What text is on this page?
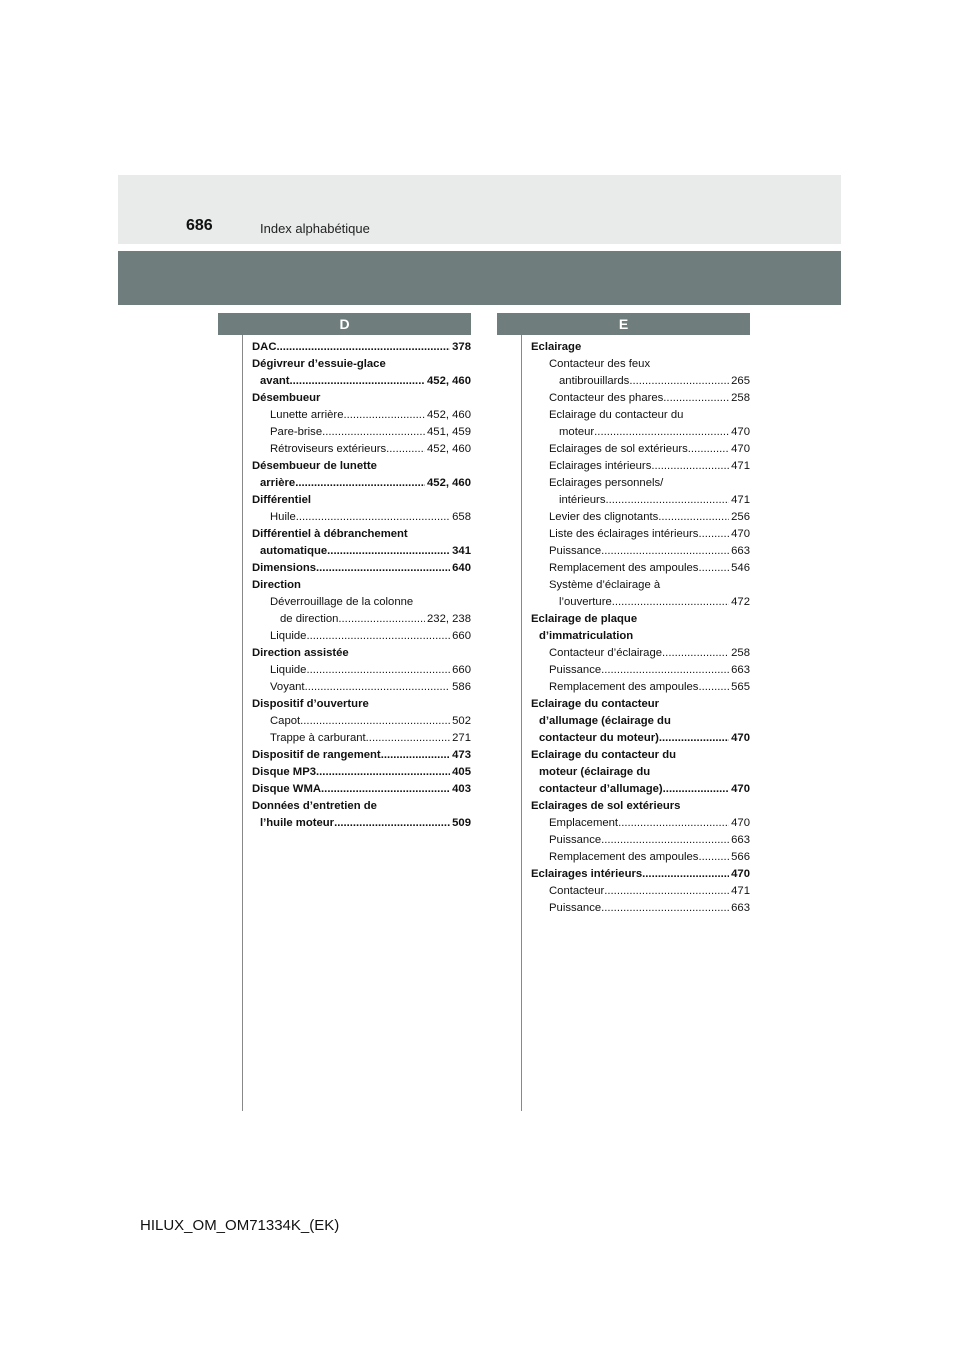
686	Index alphabétique
D	E
DAC .....	378
Dégivreur d’essuie-glace
avant .....	452, 460
Désembueur
Lunette arrière .....	452, 460
Pare-brise .....	451, 459
Rétroviseurs extérieurs .....	452, 460
Désembueur de lunette
arrière .....	452, 460
Différentiel
Huile .....	658
Différentiel à débranchement
automatique .....	341
Dimensions .....	640
Direction
Déverrouillage de la colonne
de direction .....	232, 238
Liquide .....	660
Direction assistée
Liquide .....	660
Voyant .....	586
Dispositif d’ouverture
Capot .....	502
Trappe à carburant .....	271
Dispositif de rangement .....	473
Disque MP3 .....	405
Disque WMA .....	403
Données d’entretien de
l’huile moteur .....	509
Eclairage
Contacteur des feux
antibrouillards .....	265
Contacteur des phares .....	258
Eclairage du contacteur du
moteur .....	470
Eclairages de sol extérieurs .....	470
Eclairages intérieurs .....	471
Eclairages personnels/
intérieurs .....	471
Levier des clignotants .....	256
Liste des éclairages intérieurs .....	470
Puissance .....	663
Remplacement des ampoules .....	546
Système d’éclairage à
l’ouverture .....	472
Eclairage de plaque
d’immatriculation
Contacteur d’éclairage .....	258
Puissance .....	663
Remplacement des ampoules .....	565
Eclairage du contacteur
d’allumage (éclairage du
contacteur du moteur) .....	470
Eclairage du contacteur du
moteur (éclairage du
contacteur d’allumage) .....	470
Eclairages de sol extérieurs
Emplacement .....	470
Puissance .....	663
Remplacement des ampoules .....	566
Eclairages intérieurs .....	470
Contacteur .....	471
Puissance .....	663
HILUX_OM_OM71334K_(EK)
